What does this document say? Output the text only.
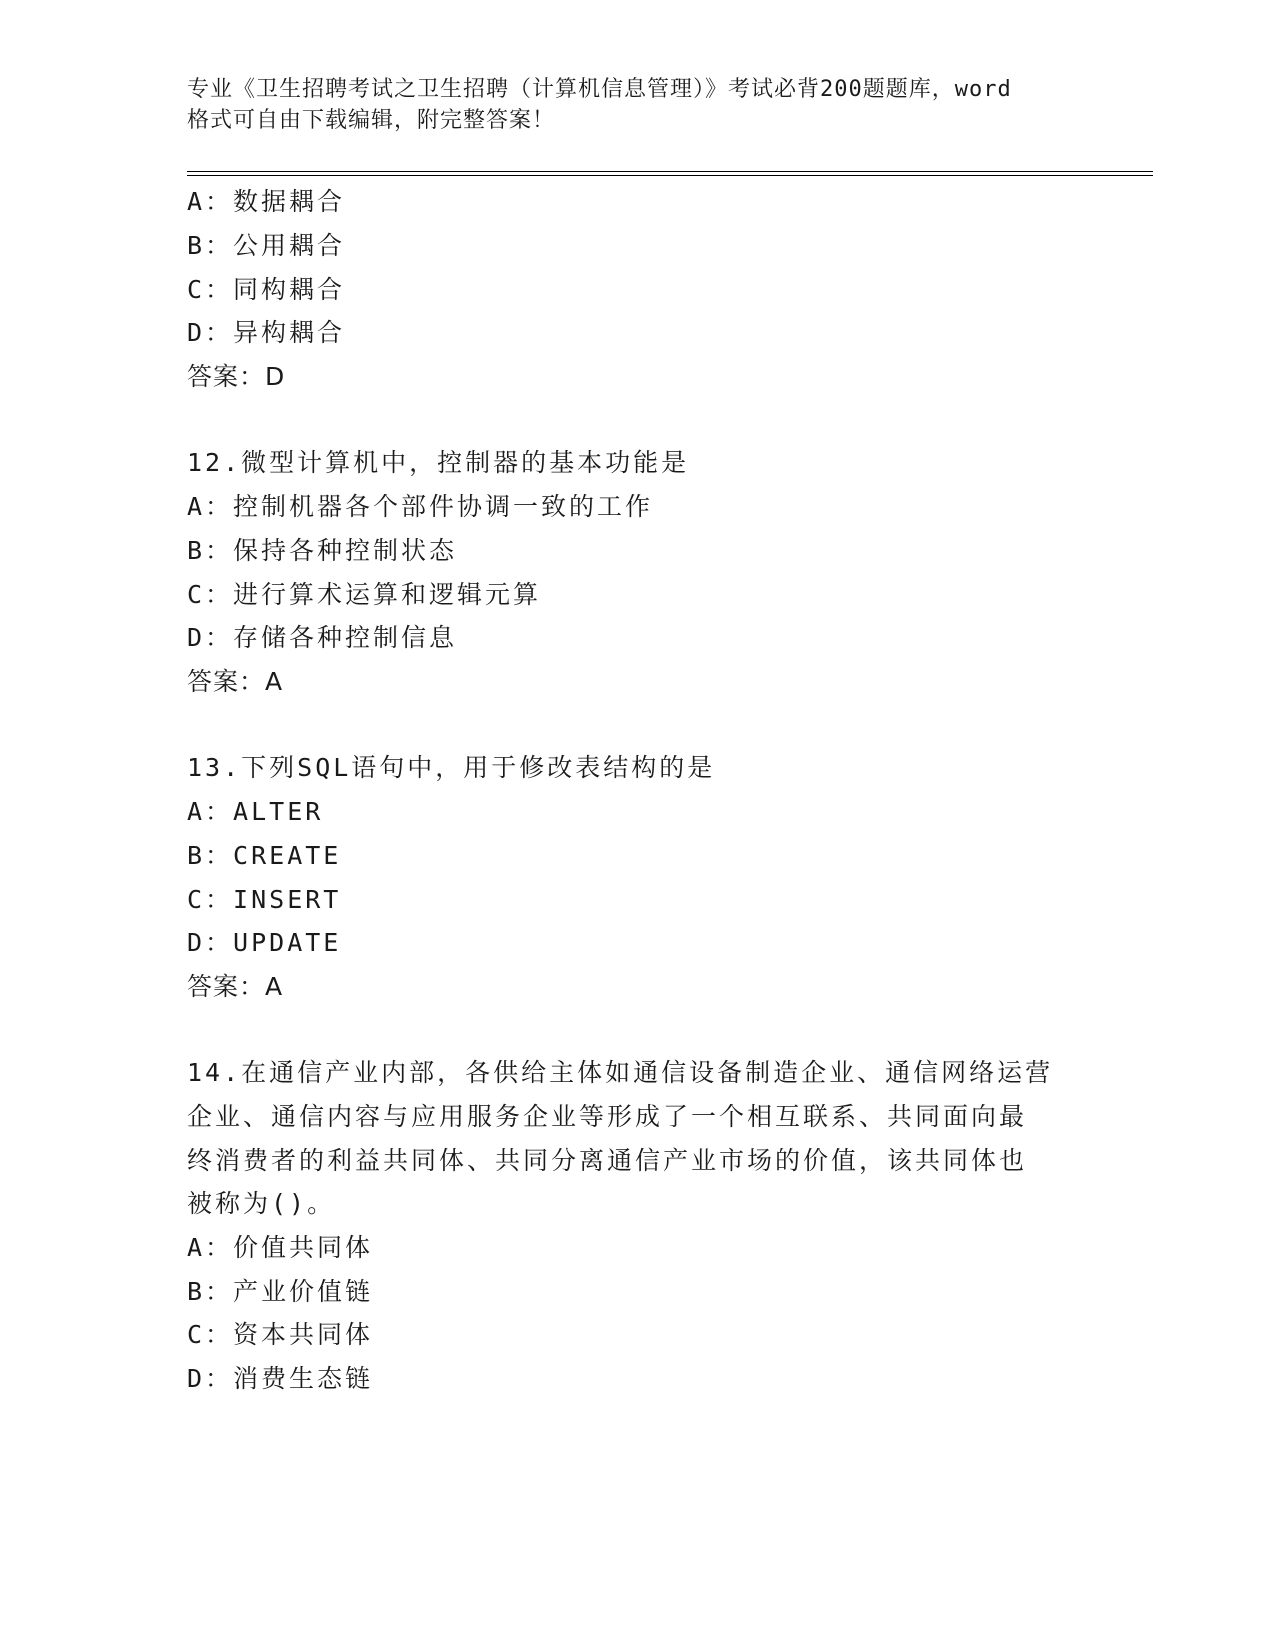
专业《卫生招聘考试之卫生招聘（计算机信息管理）》考试必背200题题库，word
格式可自由下载编辑，附完整答案！
A：数据耦合
B：公用耦合
C：同构耦合
D：异构耦合
答案：D
12.微型计算机中，控制器的基本功能是
A：控制机器各个部件协调一致的工作
B：保持各种控制状态
C：进行算术运算和逻辑元算
D：存储各种控制信息
答案：A
13.下列SQL语句中，用于修改表结构的是
A：ALTER
B：CREATE
C：INSERT
D：UPDATE
答案：A
14.在通信产业内部，各供给主体如通信设备制造企业、通信网络运营
企业、通信内容与应用服务企业等形成了一个相互联系、共同面向最
终消费者的利益共同体、共同分离通信产业市场的价值，该共同体也
被称为()。
A：价值共同体
B：产业价值链
C：资本共同体
D：消费生态链
